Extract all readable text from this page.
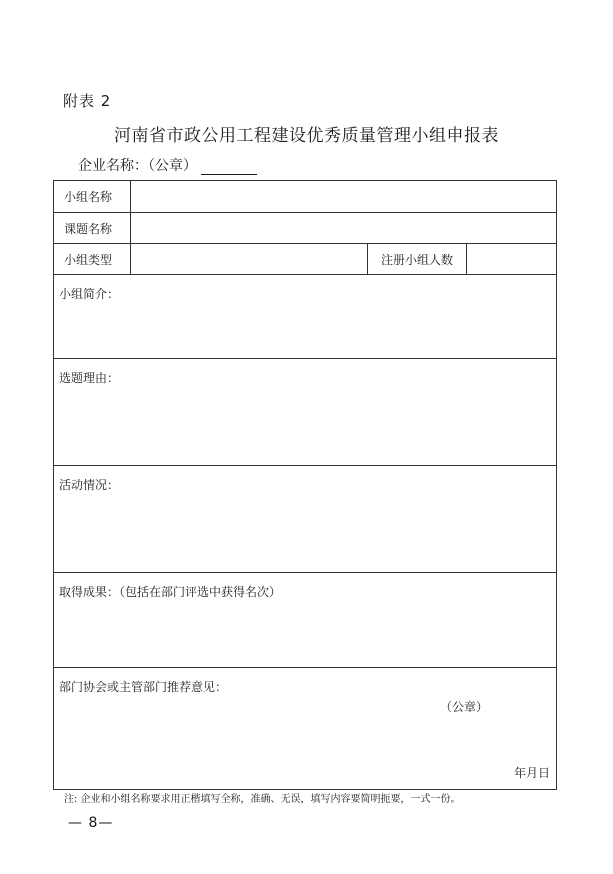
附表 2
河南省市政公用工程建设优秀质量管理小组申报表
企业名称：（公章）
小组名称
课题名称
小组类型	注册小组人数
小组简介：
选题理由：
活动情况：
取得成果：（包括在部门评选中获得名次）
部门协会或主管部门推荐意见：
（公章）
年月日
注: 企业和小组名称要求用正楷填写全称，准确、无误，填写内容要简明扼要，一式一份。
— 8—
